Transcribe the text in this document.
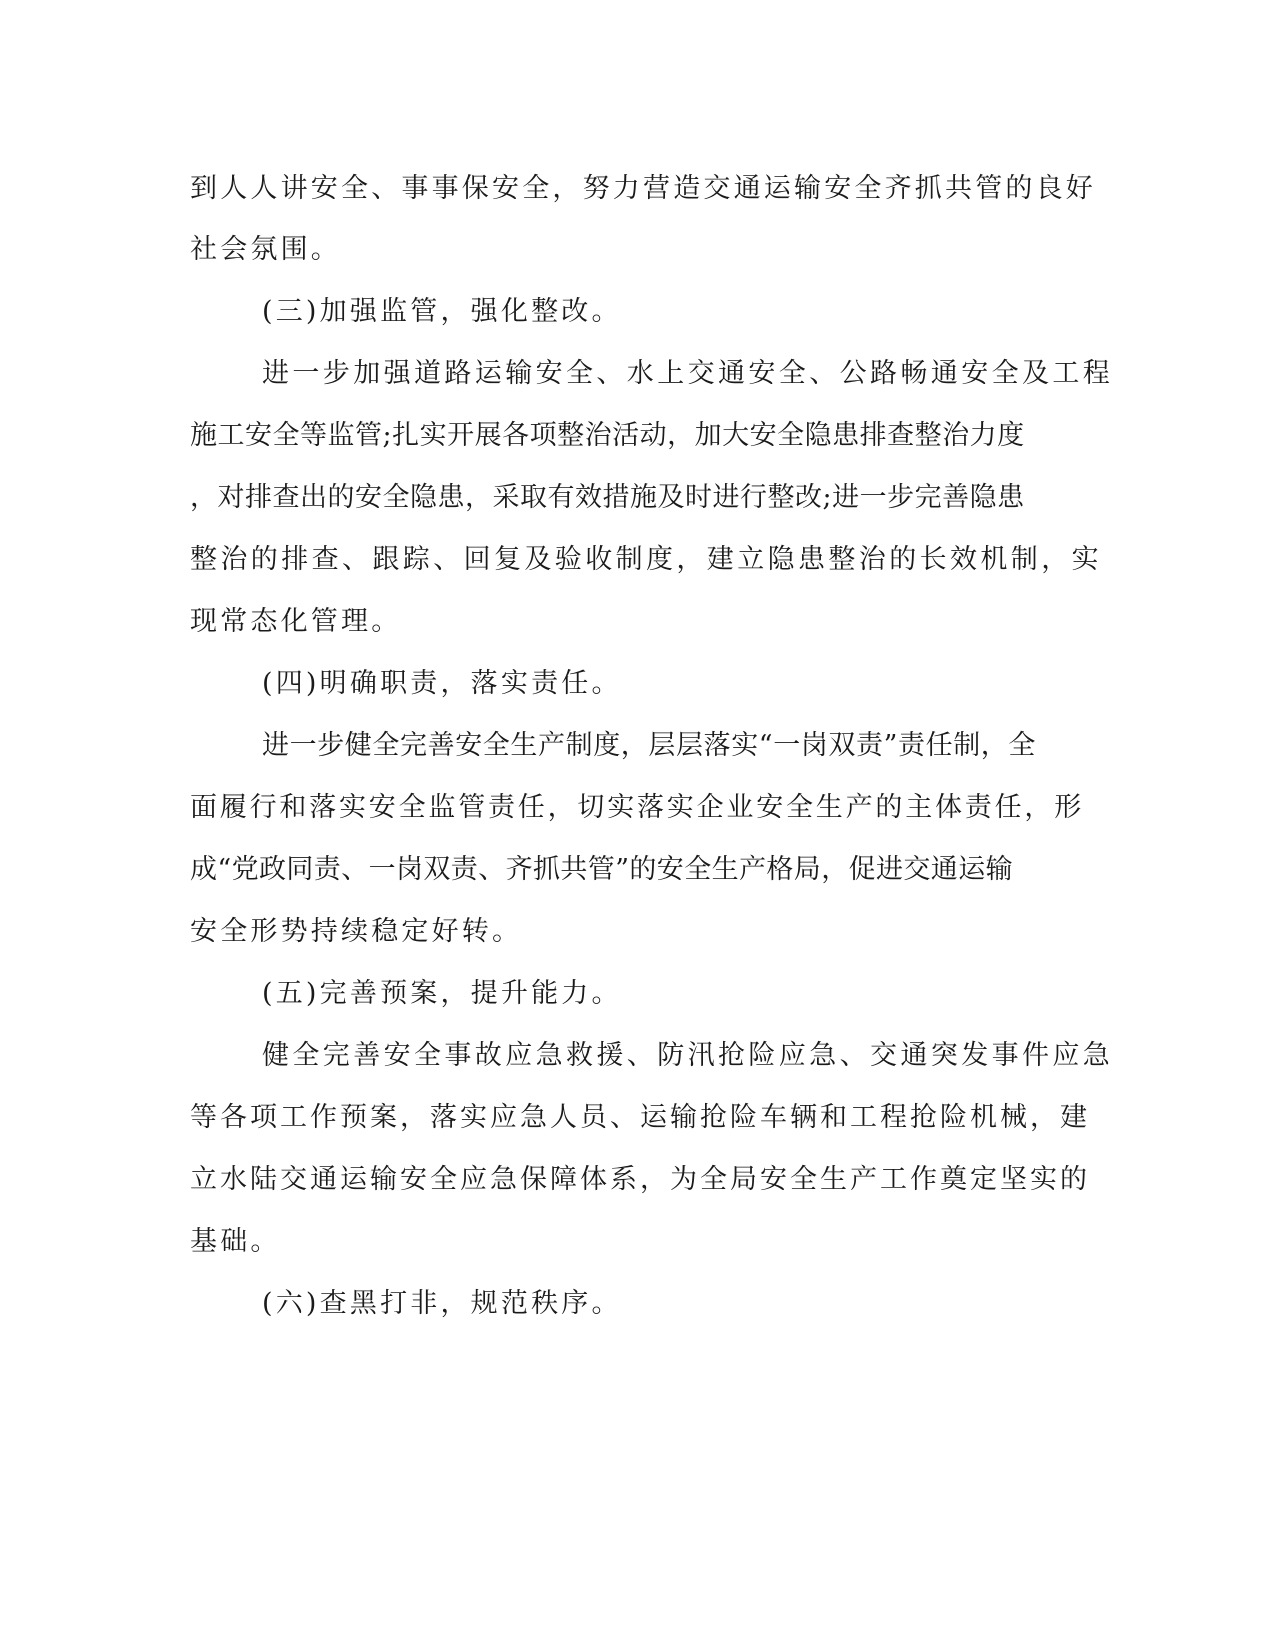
到人人讲安全、事事保安全，努力营造交通运输安全齐抓共管的良好
社会氛围。
(三)加强监管，强化整改。
进一步加强道路运输安全、水上交通安全、公路畅通安全及工程
施工安全等监管;扎实开展各项整治活动，加大安全隐患排查整治力度
，对排查出的安全隐患，采取有效措施及时进行整改;进一步完善隐患
整治的排查、跟踪、回复及验收制度，建立隐患整治的长效机制，实
现常态化管理。
(四)明确职责，落实责任。
进一步健全完善安全生产制度，层层落实“一岗双责”责任制，全
面履行和落实安全监管责任，切实落实企业安全生产的主体责任，形
成“党政同责、一岗双责、齐抓共管”的安全生产格局，促进交通运输
安全形势持续稳定好转。
(五)完善预案，提升能力。
健全完善安全事故应急救援、防汛抢险应急、交通突发事件应急
等各项工作预案，落实应急人员、运输抢险车辆和工程抢险机械，建
立水陆交通运输安全应急保障体系，为全局安全生产工作奠定坚实的
基础。
(六)查黑打非，规范秩序。
